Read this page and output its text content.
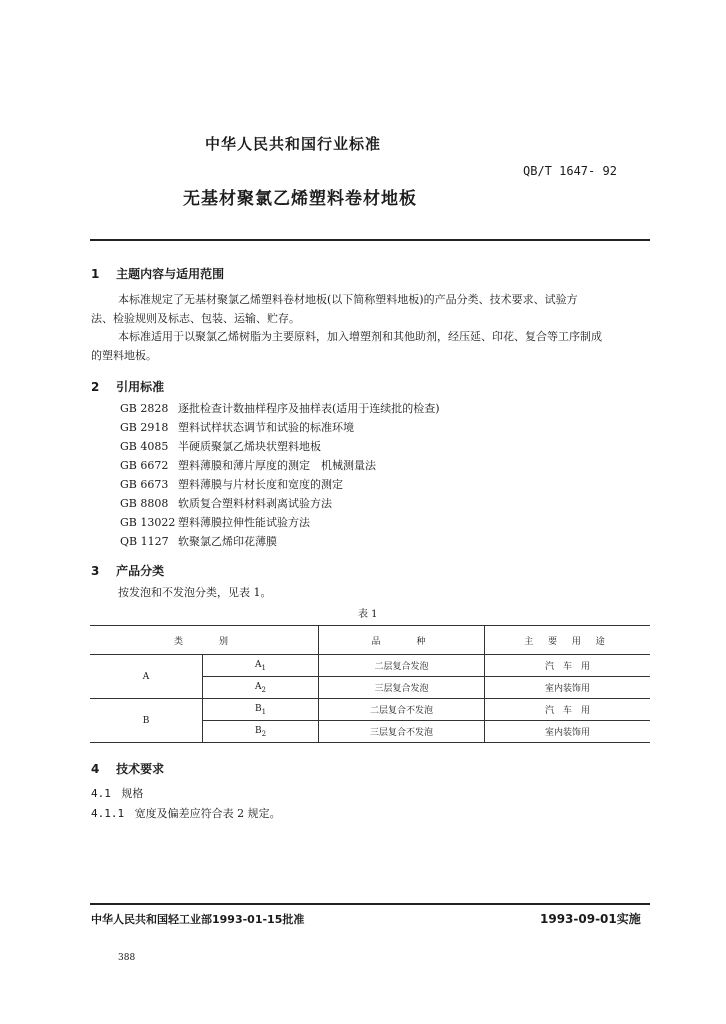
中华人民共和国行业标准
QB/T 1647- 92
无基材聚氯乙烯塑料卷材地板
1 主题内容与适用范围
本标准规定了无基材聚氯乙烯塑料卷材地板(以下简称塑料地板)的产品分类、技术要求、试验方
法、检验规则及标志、包装、运输、贮存。
本标准适用于以聚氯乙烯树脂为主要原料，加入增塑剂和其他助剂，经压延、印花、复合等工序制成
的塑料地板。
2 引用标准
GB 2828 逐批检查计数抽样程序及抽样表(适用于连续批的检查)
GB 2918 塑料试样状态调节和试验的标准环境
GB 4085 半硬质聚氯乙烯块状塑料地板
GB 6672 塑料薄膜和薄片厚度的测定　机械测量法
GB 6673 塑料薄膜与片材长度和宽度的测定
GB 8808 软质复合塑料材料剥离试验方法
GB 13022 塑料薄膜拉伸性能试验方法
QB 1127 软聚氯乙烯印花薄膜
3 产品分类
按发泡和不发泡分类，见表 1。
表 1
类　　别		品　　种	主 要 用 途
A	$A_1$	二层复合发泡	汽　车　用
	$A_2$	三层复合发泡	室内装饰用
B	$B_1$	二层复合不发泡	汽　车　用
	$B_2$	三层复合不发泡	室内装饰用
4 技术要求
4.1 规格
4.1.1 宽度及偏差应符合表 2 规定。
中华人民共和国轻工业部1993-01-15批准	1993-09-01实施
388
